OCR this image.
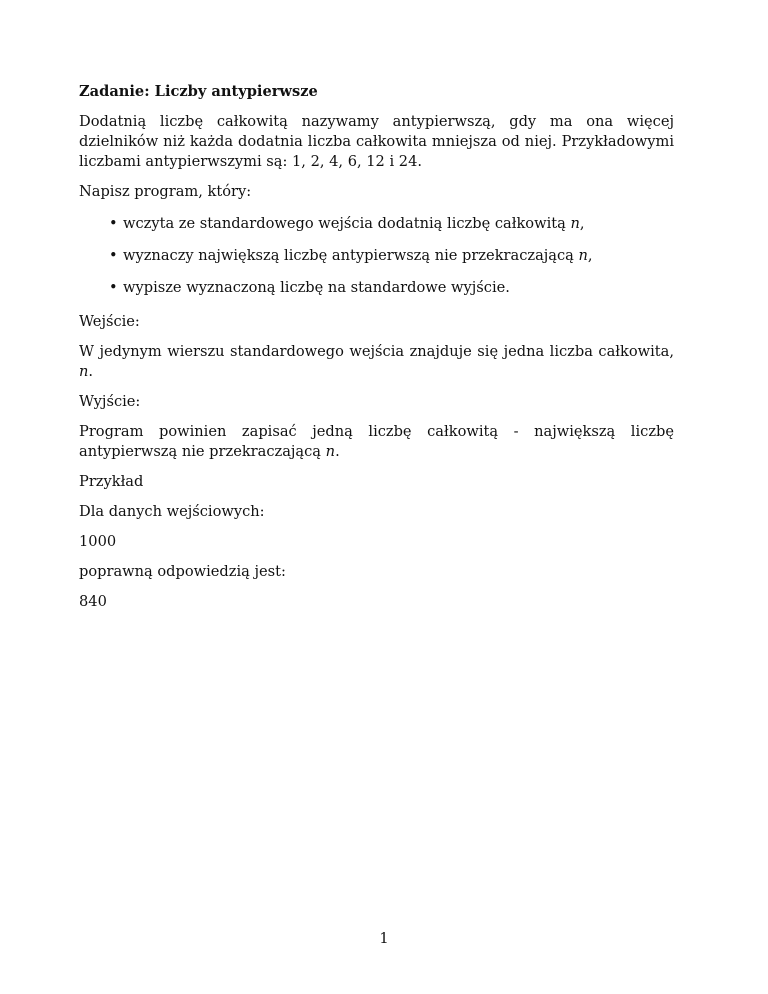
Zadanie: Liczby antypierwsze

Dodatnią liczbę całkowitą nazywamy antypierwszą, gdy ma ona więcej dzielników niż każda dodatnia liczba całkowita mniejsza od niej. Przykładowymi liczbami antypierwszymi są: 1, 2, 4, 6, 12 i 24.

Napisz program, który:

• wczyta ze standardowego wejścia dodatnią liczbę całkowitą n,
• wyznaczy największą liczbę antypierwszą nie przekraczającą n,
• wypisze wyznaczoną liczbę na standardowe wyjście.

Wejście:

W jedynym wierszu standardowego wejścia znajduje się jedna liczba całkowita, n.

Wyjście:

Program powinien zapisać jedną liczbę całkowitą - największą liczbę antypierwszą nie przekraczającą n.

Przykład

Dla danych wejściowych:

1000

poprawną odpowiedzią jest:

840

1
